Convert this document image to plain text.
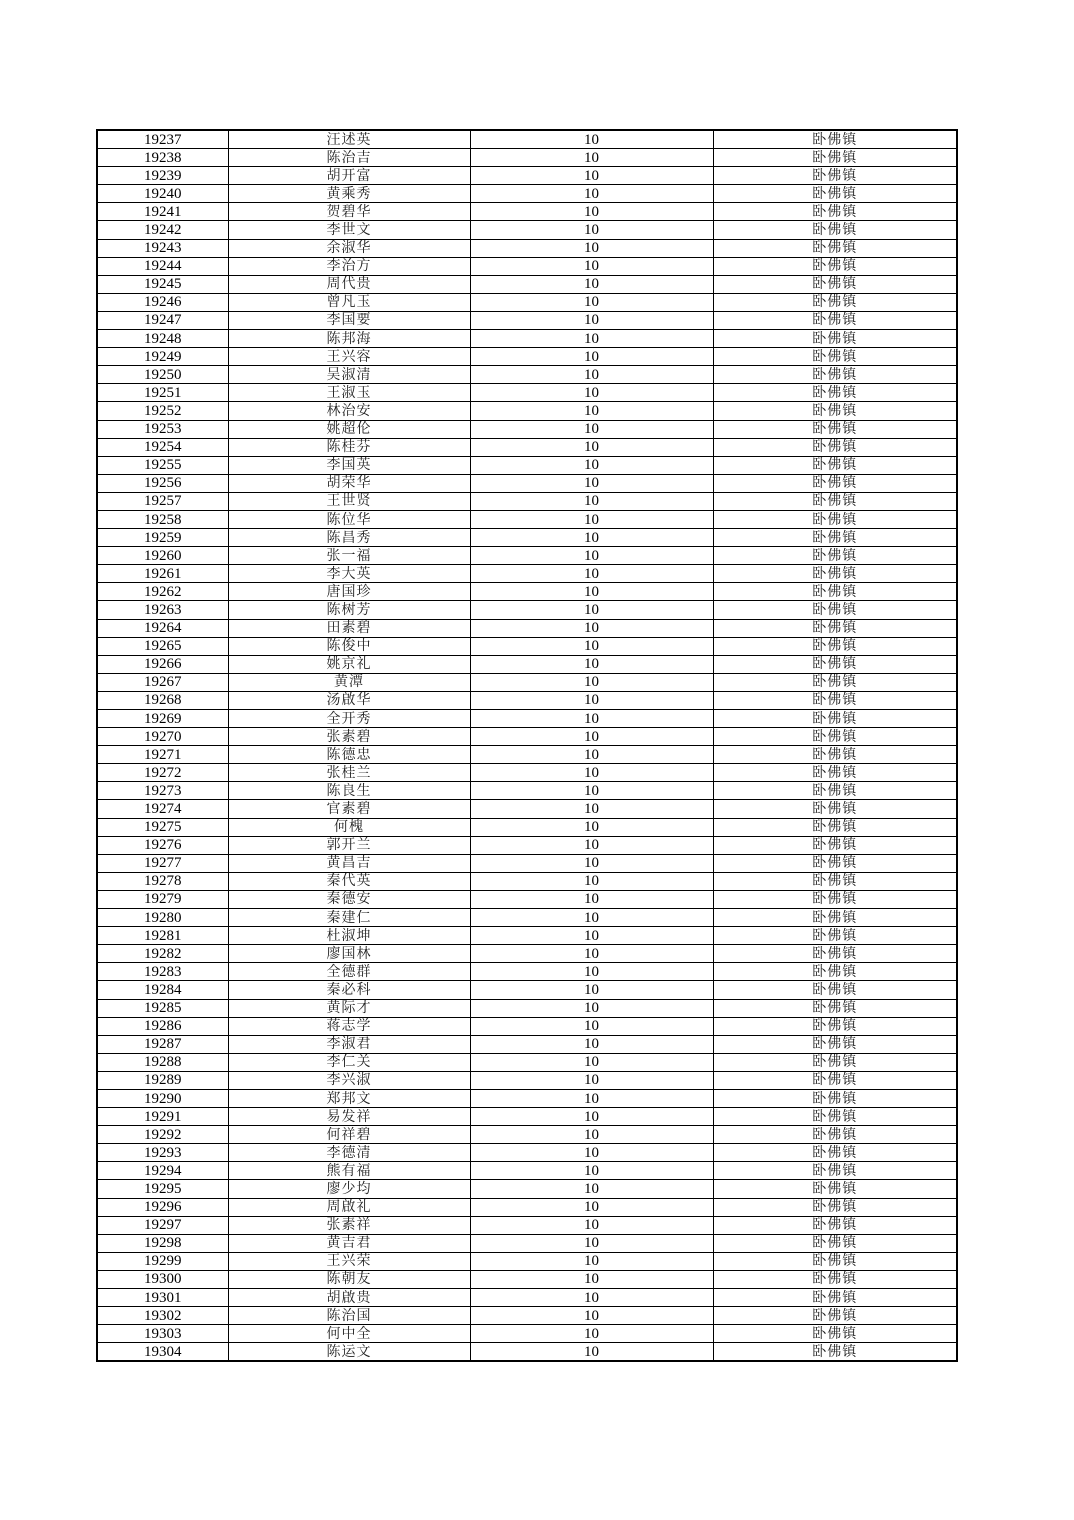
19237	汪述英	10	卧佛镇
19238	陈治吉	10	卧佛镇
19239	胡开富	10	卧佛镇
19240	黄乘秀	10	卧佛镇
19241	贺碧华	10	卧佛镇
19242	李世文	10	卧佛镇
19243	余淑华	10	卧佛镇
19244	李治方	10	卧佛镇
19245	周代贵	10	卧佛镇
19246	曾凡玉	10	卧佛镇
19247	李国要	10	卧佛镇
19248	陈邦海	10	卧佛镇
19249	王兴容	10	卧佛镇
19250	吴淑清	10	卧佛镇
19251	王淑玉	10	卧佛镇
19252	林治安	10	卧佛镇
19253	姚超伦	10	卧佛镇
19254	陈桂芬	10	卧佛镇
19255	李国英	10	卧佛镇
19256	胡荣华	10	卧佛镇
19257	王世贤	10	卧佛镇
19258	陈位华	10	卧佛镇
19259	陈昌秀	10	卧佛镇
19260	张一福	10	卧佛镇
19261	李大英	10	卧佛镇
19262	唐国珍	10	卧佛镇
19263	陈树芳	10	卧佛镇
19264	田素碧	10	卧佛镇
19265	陈俊中	10	卧佛镇
19266	姚京礼	10	卧佛镇
19267	黄潭	10	卧佛镇
19268	汤啟华	10	卧佛镇
19269	全开秀	10	卧佛镇
19270	张素碧	10	卧佛镇
19271	陈德忠	10	卧佛镇
19272	张桂兰	10	卧佛镇
19273	陈良生	10	卧佛镇
19274	官素碧	10	卧佛镇
19275	何槐	10	卧佛镇
19276	郭开兰	10	卧佛镇
19277	黄昌吉	10	卧佛镇
19278	秦代英	10	卧佛镇
19279	秦德安	10	卧佛镇
19280	秦建仁	10	卧佛镇
19281	杜淑坤	10	卧佛镇
19282	廖国林	10	卧佛镇
19283	全德群	10	卧佛镇
19284	秦必科	10	卧佛镇
19285	黄际才	10	卧佛镇
19286	蒋志学	10	卧佛镇
19287	李淑君	10	卧佛镇
19288	李仁关	10	卧佛镇
19289	李兴淑	10	卧佛镇
19290	郑邦文	10	卧佛镇
19291	易发祥	10	卧佛镇
19292	何祥碧	10	卧佛镇
19293	李德清	10	卧佛镇
19294	熊有福	10	卧佛镇
19295	廖少均	10	卧佛镇
19296	周啟礼	10	卧佛镇
19297	张素祥	10	卧佛镇
19298	黄吉君	10	卧佛镇
19299	王兴荣	10	卧佛镇
19300	陈朝友	10	卧佛镇
19301	胡啟贵	10	卧佛镇
19302	陈治国	10	卧佛镇
19303	何中全	10	卧佛镇
19304	陈运文	10	卧佛镇
